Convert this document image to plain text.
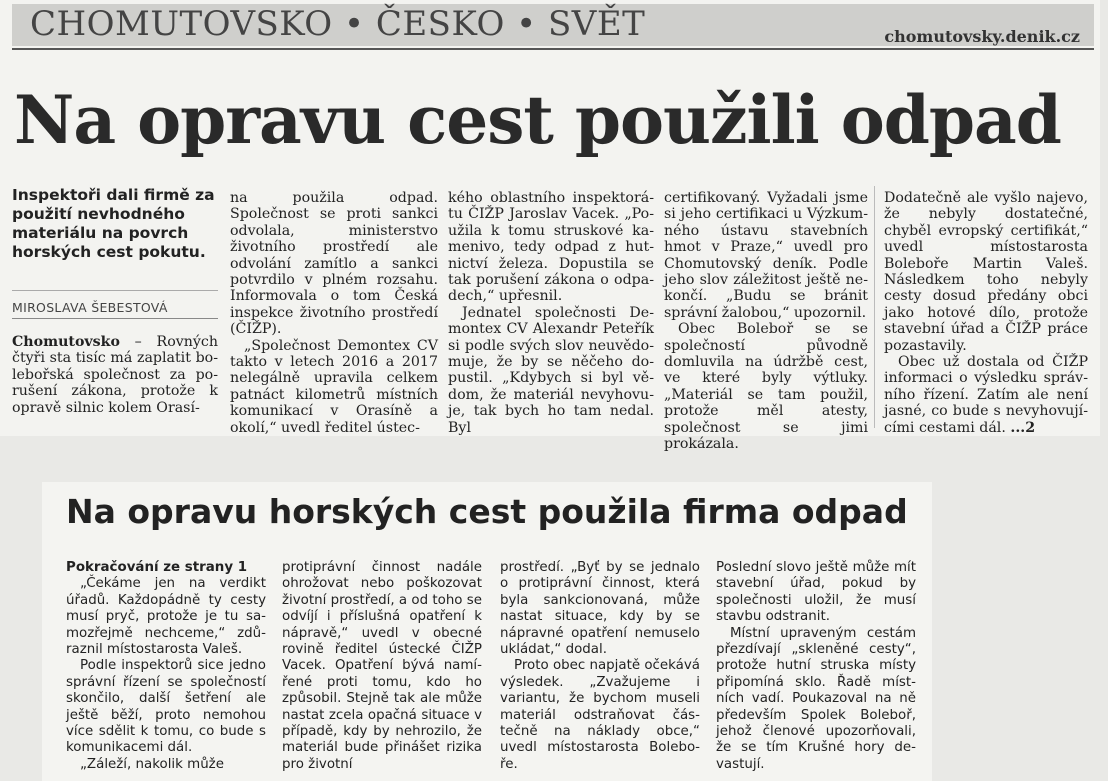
CHOMUTOVSKO • ČESKO • SVĚT	chomutovsky.denik.cz
Na opravu cest použili odpad
Inspektoři dali firmě za použití nevhodného materiálu na povrch horských cest pokutu.
MIROSLAVA ŠEBESTOVÁ

Chomutovsko – Rovných čtyři sta tisíc má zaplatit bolebořská společnost za porušení zákona, protože k opravě silnic kolem Orasí-

na použila odpad. Společnost se proti sankci odvolala, ministerstvo životního prostředí ale odvolání zamítlo a sankci potvrdilo v plném rozsahu. Informovala o tom Česká inspekce životního prostředí (ČIŽP).

„Společnost Demontex CV takto v letech 2016 a 2017 nelegálně upravila celkem patnáct kilometrů místních komunikací v Orasíně a okolí,“ uvedl ředitel ústec-

kého oblastního inspektorátu ČIŽP Jaroslav Vacek. „Použila k tomu struskové kamenivo, tedy odpad z hutnictví železa. Dopustila se tak porušení zákona o odpadech,“ upřesnil.

Jednatel společnosti Demontex CV Alexandr Peteřík si podle svých slov neuvědomuje, že by se něčeho dopustil. „Kdybych si byl vědom, že materiál nevyhovuje, tak bych ho tam nedal. Byl

certifikovaný. Vyžadali jsme si jeho certifikaci u Výzkumného ústavu stavebních hmot v Praze,“ uvedl pro Chomutovský deník. Podle jeho slov záležitost ještě nekončí. „Budu se bránit správní žalobou,“ upozornil.

Obec Boleboř se se společností původně domluvila na údržbě cest, ve které byly výtluky. „Materiál se tam použil, protože měl atesty, společnost se jimi prokázala.

Dodatečně ale vyšlo najevo, že nebyly dostatečné, chyběl evropský certifikát,“ uvedl místostarosta Boleboře Martin Valeš. Následkem toho nebyly cesty dosud předány obci jako hotové dílo, protože stavební úřad a ČIŽP práce pozastavily.

Obec už dostala od ČIŽP informaci o výsledku správního řízení. Zatím ale není jasné, co bude s nevyhovujícími cestami dál. ...2

Na opravu horských cest použila firma odpad

Pokračování ze strany 1

„Čekáme jen na verdikt úřadů. Každopádně ty cesty musí pryč, protože je tu samozřejmě nechceme,“ zdůraznil místostarosta Valeš.

Podle inspektorů sice jedno správní řízení se společností skončilo, další šetření ale ještě běží, proto nemohou více sdělit k tomu, co bude s komunikacemi dál.

„Záleží, nakolik může

protiprávní činnost nadále ohrožovat nebo poškozovat životní prostředí, a od toho se odvíjí i příslušná opatření k nápravě,“ uvedl v obecné rovině ředitel ústecké ČIŽP Vacek. Opatření bývá namířené proti tomu, kdo ho způsobil. Stejně tak ale může nastat zcela opačná situace v případě, kdy by nehrozilo, že materiál bude přinášet rizika pro životní

prostředí. „Byť by se jednalo o protiprávní činnost, která byla sankcionovaná, může nastat situace, kdy by se nápravné opatření nemuselo ukládat,“ dodal.

Proto obec napjatě očekává výsledek. „Zvažujeme i variantu, že bychom museli materiál odstraňovat částečně na náklady obce,“ uvedl místostarosta Boleboře.

Poslední slovo ještě může mít stavební úřad, pokud by společnosti uložil, že musí stavbu odstranit.

Místní upraveným cestám přezdívají „skleněné cesty“, protože hutní struska místy připomíná sklo. Řadě místních vadí. Poukazoval na ně především Spolek Boleboř, jehož členové upozorňovali, že se tím Krušné hory devastují.
